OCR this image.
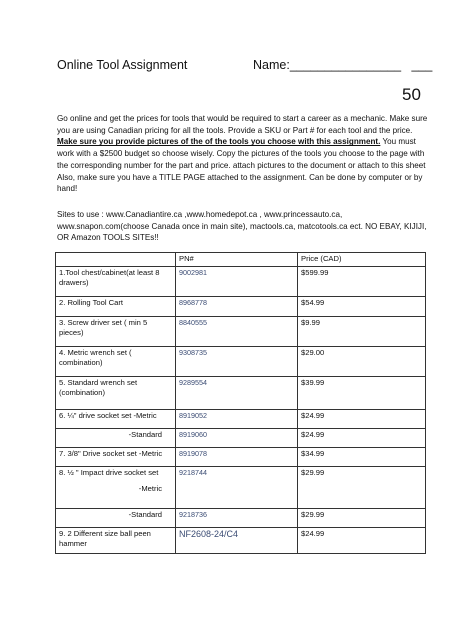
Online Tool Assignment	Name:________________   ___
50
Go online and get the prices for tools that would be required to start a career as a mechanic. Make sure you are using Canadian pricing for all the tools. Provide a SKU or Part # for each tool and the price. Make sure you provide pictures of the of the tools you choose with this assignment. You must work with a $2500 budget so choose wisely. Copy the pictures of the tools you choose to the page with the corresponding number for the part and price. attach pictures to the document or attach to this sheet Also, make sure you have a TITLE PAGE attached to the assignment. Can be done by computer or by hand!
Sites to use : www.Canadiantire.ca ,www.homedepot.ca , www.princessauto.ca, www.snapon.com(choose Canada once in main site), mactools.ca, matcotools.ca ect. NO EBAY, KIJIJI, OR Amazon TOOLS SITEs!!
	PN#	Price (CAD)
1.Tool chest/cabinet(at least 8 drawers)	9002981	$599.99
2. Rolling Tool Cart	8968778	$54.99
3. Screw driver set ( min 5 pieces)	8840555	$9.99
4. Metric wrench set ( combination)	9308735	$29.00
5. Standard wrench set (combination)	9289554	$39.99
6. ¼" drive socket set -Metric	8919052	$24.99

-Standard	8919060	$24.99
7. 3/8" Drive socket set -Metric	8919078	$34.99

8. ½ " Impact drive socket set
-Metric	9218744	$29.99

-Standard	9218736	$29.99
9. 2 Different size ball peen hammer	NF2608-24/C4	$24.99
